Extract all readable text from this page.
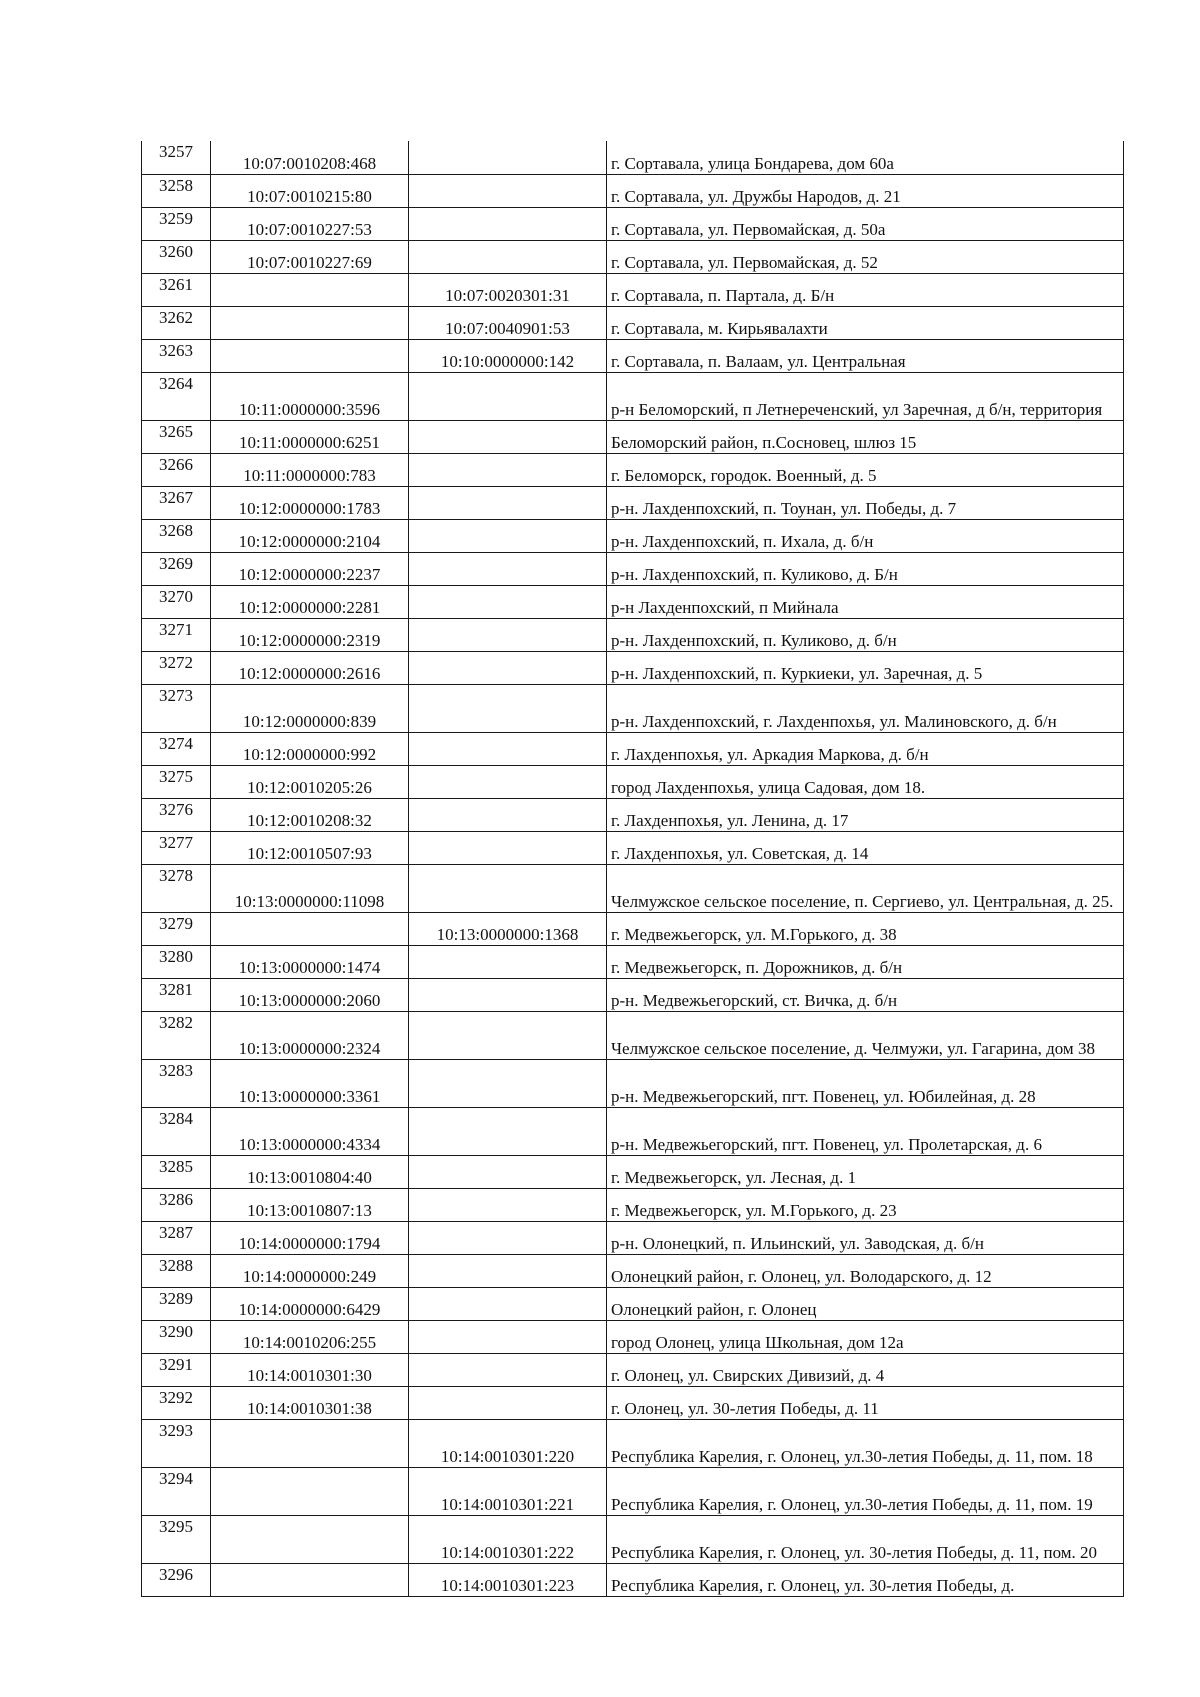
3257	10:07:0010208:468		г. Сортавала, улица Бондарева, дом 60а
3258	10:07:0010215:80		г. Сортавала, ул. Дружбы Народов, д. 21
3259	10:07:0010227:53		г. Сортавала, ул. Первомайская, д. 50а
3260	10:07:0010227:69		г. Сортавала, ул. Первомайская, д. 52
3261		10:07:0020301:31	г. Сортавала, п. Партала, д. Б/н
3262		10:07:0040901:53	г. Сортавала, м. Кирьявалахти
3263		10:10:0000000:142	г. Сортавала, п. Валаам, ул. Центральная
3264	10:11:0000000:3596		р-н Беломорский, п Летнереченский, ул Заречная, д б/н, территория
3265	10:11:0000000:6251		Беломорский район, п.Сосновец, шлюз 15
3266	10:11:0000000:783		г. Беломорск, городок. Военный, д. 5
3267	10:12:0000000:1783		р-н. Лахденпохский, п. Тоунан, ул. Победы, д. 7
3268	10:12:0000000:2104		р-н. Лахденпохский, п. Ихала, д. б/н
3269	10:12:0000000:2237		р-н. Лахденпохский, п. Куликово, д. Б/н
3270	10:12:0000000:2281		р-н Лахденпохский, п Мийнала
3271	10:12:0000000:2319		р-н. Лахденпохский, п. Куликово, д. б/н
3272	10:12:0000000:2616		р-н. Лахденпохский, п. Куркиеки, ул. Заречная, д. 5
3273	10:12:0000000:839		р-н. Лахденпохский, г. Лахденпохья, ул. Малиновского, д. б/н
3274	10:12:0000000:992		г. Лахденпохья, ул. Аркадия Маркова, д. б/н
3275	10:12:0010205:26		город Лахденпохья, улица Садовая, дом 18.
3276	10:12:0010208:32		г. Лахденпохья, ул. Ленина, д. 17
3277	10:12:0010507:93		г. Лахденпохья, ул. Советская, д. 14
3278	10:13:0000000:11098		Челмужское сельское поселение, п. Сергиево, ул. Центральная, д. 25.
3279		10:13:0000000:1368	г. Медвежьегорск, ул. М.Горького, д. 38
3280	10:13:0000000:1474		г. Медвежьегорск, п. Дорожников, д. б/н
3281	10:13:0000000:2060		р-н. Медвежьегорский, ст. Вичка, д. б/н
3282	10:13:0000000:2324		Челмужское сельское поселение, д. Челмужи, ул. Гагарина, дом 38
3283	10:13:0000000:3361		р-н. Медвежьегорский, пгт. Повенец, ул. Юбилейная, д. 28
3284	10:13:0000000:4334		р-н. Медвежьегорский, пгт. Повенец, ул. Пролетарская, д. 6
3285	10:13:0010804:40		г. Медвежьегорск, ул. Лесная, д. 1
3286	10:13:0010807:13		г. Медвежьегорск, ул. М.Горького, д. 23
3287	10:14:0000000:1794		р-н. Олонецкий, п. Ильинский, ул. Заводская, д. б/н
3288	10:14:0000000:249		Олонецкий район, г. Олонец, ул. Володарского, д. 12
3289	10:14:0000000:6429		Олонецкий район, г. Олонец
3290	10:14:0010206:255		город Олонец, улица Школьная, дом 12а
3291	10:14:0010301:30		г. Олонец, ул. Свирских Дивизий, д. 4
3292	10:14:0010301:38		г. Олонец, ул. 30-летия Победы, д. 11
3293		10:14:0010301:220	Республика Карелия, г. Олонец, ул.30-летия Победы, д. 11, пом. 18
3294		10:14:0010301:221	Республика Карелия, г. Олонец, ул.30-летия Победы, д. 11, пом. 19
3295		10:14:0010301:222	Республика Карелия, г. Олонец, ул. 30-летия Победы, д. 11, пом. 20
3296		10:14:0010301:223	Республика Карелия, г. Олонец, ул. 30-летия Победы, д.
